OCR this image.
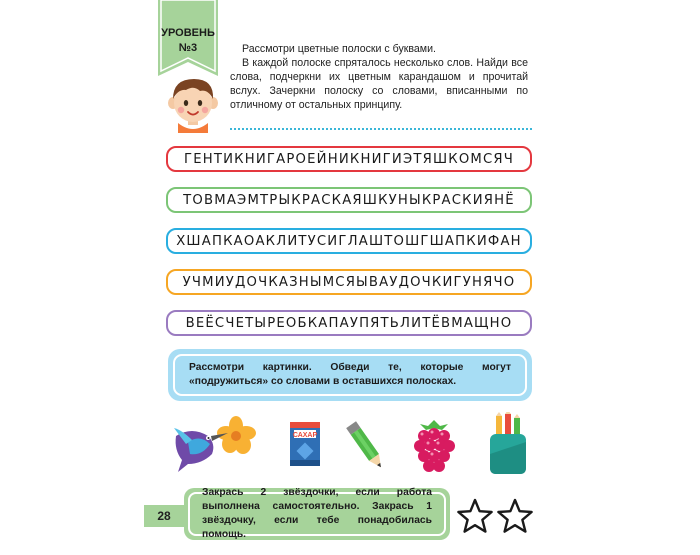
УРОВЕНЬ
№3	Рассмотри цветные полоски с буквами.

В каждой полоске спряталось несколько слов. Найди все слова, подчеркни их цветным карандашом и прочитай вслух. Зачеркни полоску со словами, вписанными по отличному от остальных принципу.

ГЕНТИКНИГАРОЕЙНИКНИГИЭТЯШКОМСЯЧ
ТОВМАЭМТРЫКРАСКАЯШКУНЫКРАСКИЯНЁ
ХШАПКАОАКЛИТУСИГЛАШТОШГШАПКИФАН
УЧМИУДОЧКАЗНЫМСЯЫВАУДОЧКИГУНЯЧО
ВЕЁСЧЕТЫРЕОБКАПАУПЯТЬЛИТЁВМАЩНО
Рассмотри картинки. Обведи те, которые могут «подружиться» со словами в оставшихся полосках.
САХАР
28
Закрась 2 звёздочки, если работа выполнена самостоятельно. Закрась 1 звёздочку, если тебе понадобилась помощь.
